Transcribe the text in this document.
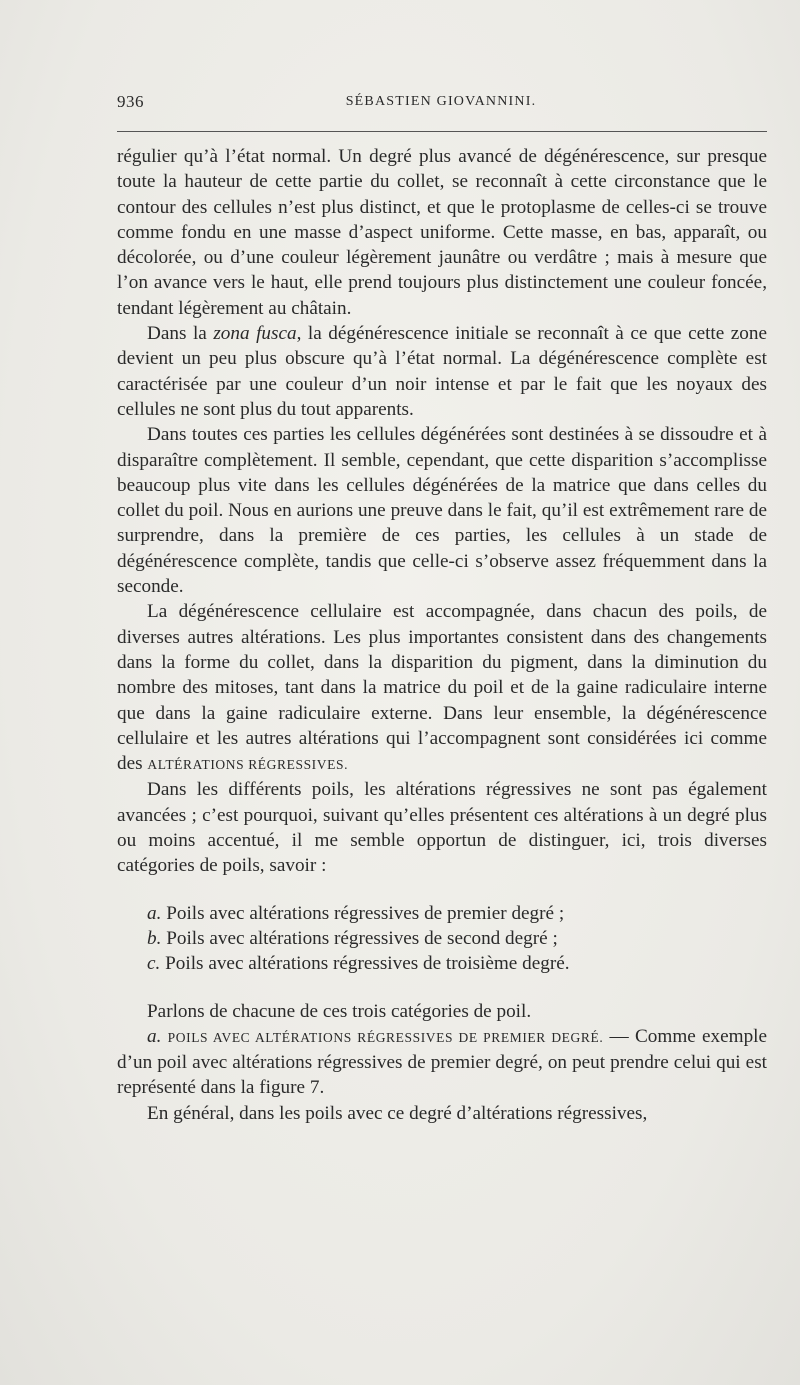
936	SÉBASTIEN GIOVANNINI.

régulier qu’à l’état normal. Un degré plus avancé de dégénérescence, sur presque toute la hauteur de cette partie du collet, se reconnaît à cette circonstance que le contour des cellules n’est plus distinct, et que le protoplasme de celles-ci se trouve comme fondu en une masse d’aspect uniforme. Cette masse, en bas, apparaît, ou décolorée, ou d’une couleur légèrement jaunâtre ou verdâtre ; mais à mesure que l’on avance vers le haut, elle prend toujours plus distinctement une couleur foncée, tendant légèrement au châtain.

Dans la zona fusca, la dégénérescence initiale se reconnaît à ce que cette zone devient un peu plus obscure qu’à l’état normal. La dégénérescence complète est caractérisée par une couleur d’un noir intense et par le fait que les noyaux des cellules ne sont plus du tout apparents.

Dans toutes ces parties les cellules dégénérées sont destinées à se dissoudre et à disparaître complètement. Il semble, cependant, que cette disparition s’accomplisse beaucoup plus vite dans les cellules dégénérées de la matrice que dans celles du collet du poil. Nous en aurions une preuve dans le fait, qu’il est extrêmement rare de surprendre, dans la première de ces parties, les cellules à un stade de dégénérescence complète, tandis que celle-ci s’observe assez fréquemment dans la seconde.

La dégénérescence cellulaire est accompagnée, dans chacun des poils, de diverses autres altérations. Les plus importantes consistent dans des changements dans la forme du collet, dans la disparition du pigment, dans la diminution du nombre des mitoses, tant dans la matrice du poil et de la gaine radiculaire interne que dans la gaine radiculaire externe. Dans leur ensemble, la dégénérescence cellulaire et les autres altérations qui l’accompagnent sont considérées ici comme des ALTÉRATIONS RÉGRESSIVES.

Dans les différents poils, les altérations régressives ne sont pas également avancées ; c’est pourquoi, suivant qu’elles présentent ces altérations à un degré plus ou moins accentué, il me semble opportun de distinguer, ici, trois diverses catégories de poils, savoir :

a. Poils avec altérations régressives de premier degré ;
b. Poils avec altérations régressives de second degré ;
c. Poils avec altérations régressives de troisième degré.

Parlons de chacune de ces trois catégories de poil.

a. POILS AVEC ALTÉRATIONS RÉGRESSIVES DE PREMIER DEGRÉ. — Comme exemple d’un poil avec altérations régressives de premier degré, on peut prendre celui qui est représenté dans la figure 7.

En général, dans les poils avec ce degré d’altérations régressives,
